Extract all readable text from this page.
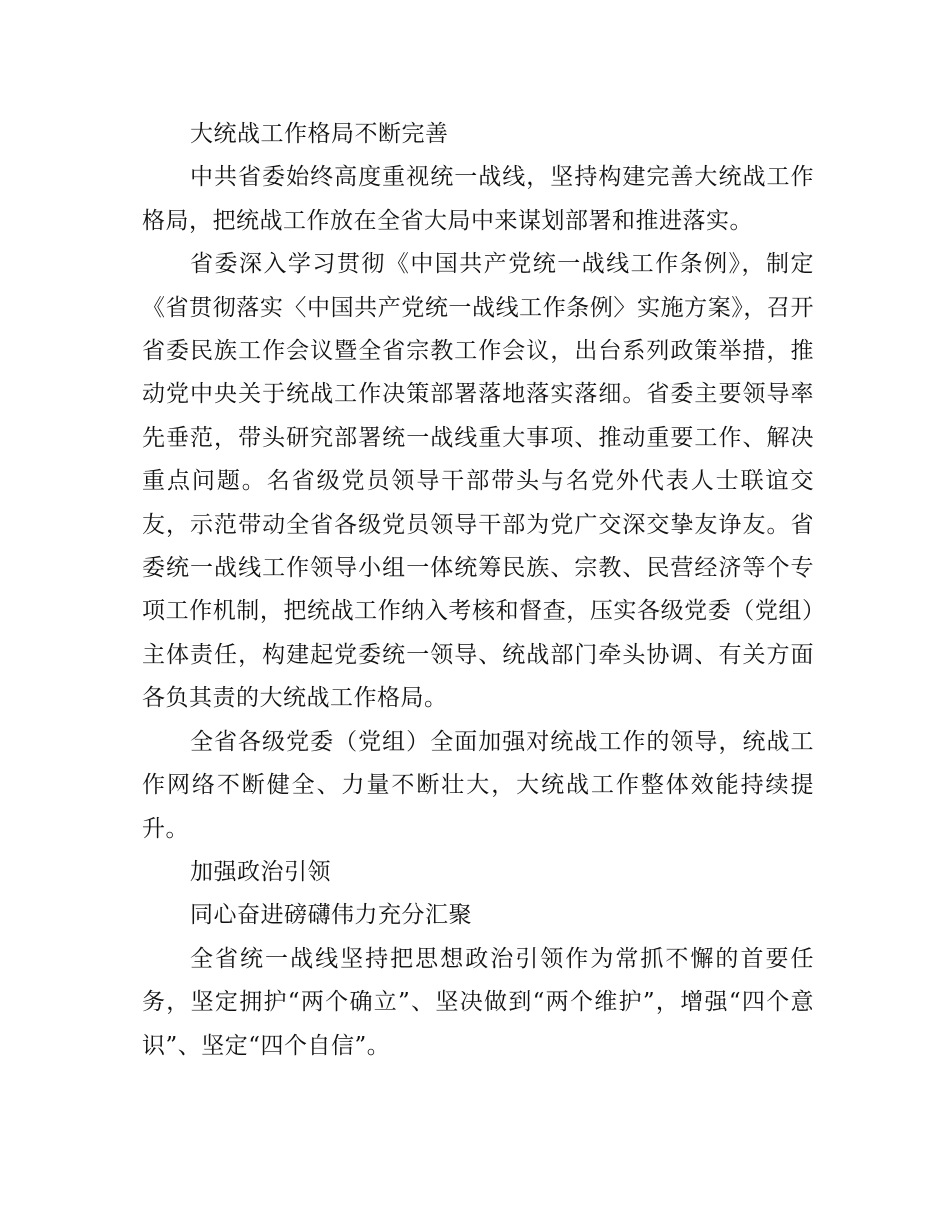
大统战工作格局不断完善

中共省委始终高度重视统一战线，坚持构建完善大统战工作格局，把统战工作放在全省大局中来谋划部署和推进落实。

省委深入学习贯彻《中国共产党统一战线工作条例》，制定《省贯彻落实〈中国共产党统一战线工作条例〉实施方案》，召开省委民族工作会议暨全省宗教工作会议，出台系列政策举措，推动党中央关于统战工作决策部署落地落实落细。省委主要领导率先垂范，带头研究部署统一战线重大事项、推动重要工作、解决重点问题。名省级党员领导干部带头与名党外代表人士联谊交友，示范带动全省各级党员领导干部为党广交深交挚友诤友。省委统一战线工作领导小组一体统筹民族、宗教、民营经济等个专项工作机制，把统战工作纳入考核和督查，压实各级党委（党组）主体责任，构建起党委统一领导、统战部门牵头协调、有关方面各负其责的大统战工作格局。

全省各级党委（党组）全面加强对统战工作的领导，统战工作网络不断健全、力量不断壮大，大统战工作整体效能持续提升。

加强政治引领

同心奋进磅礴伟力充分汇聚

全省统一战线坚持把思想政治引领作为常抓不懈的首要任务，坚定拥护“两个确立”、坚决做到“两个维护”，增强“四个意识”、坚定“四个自信”。
